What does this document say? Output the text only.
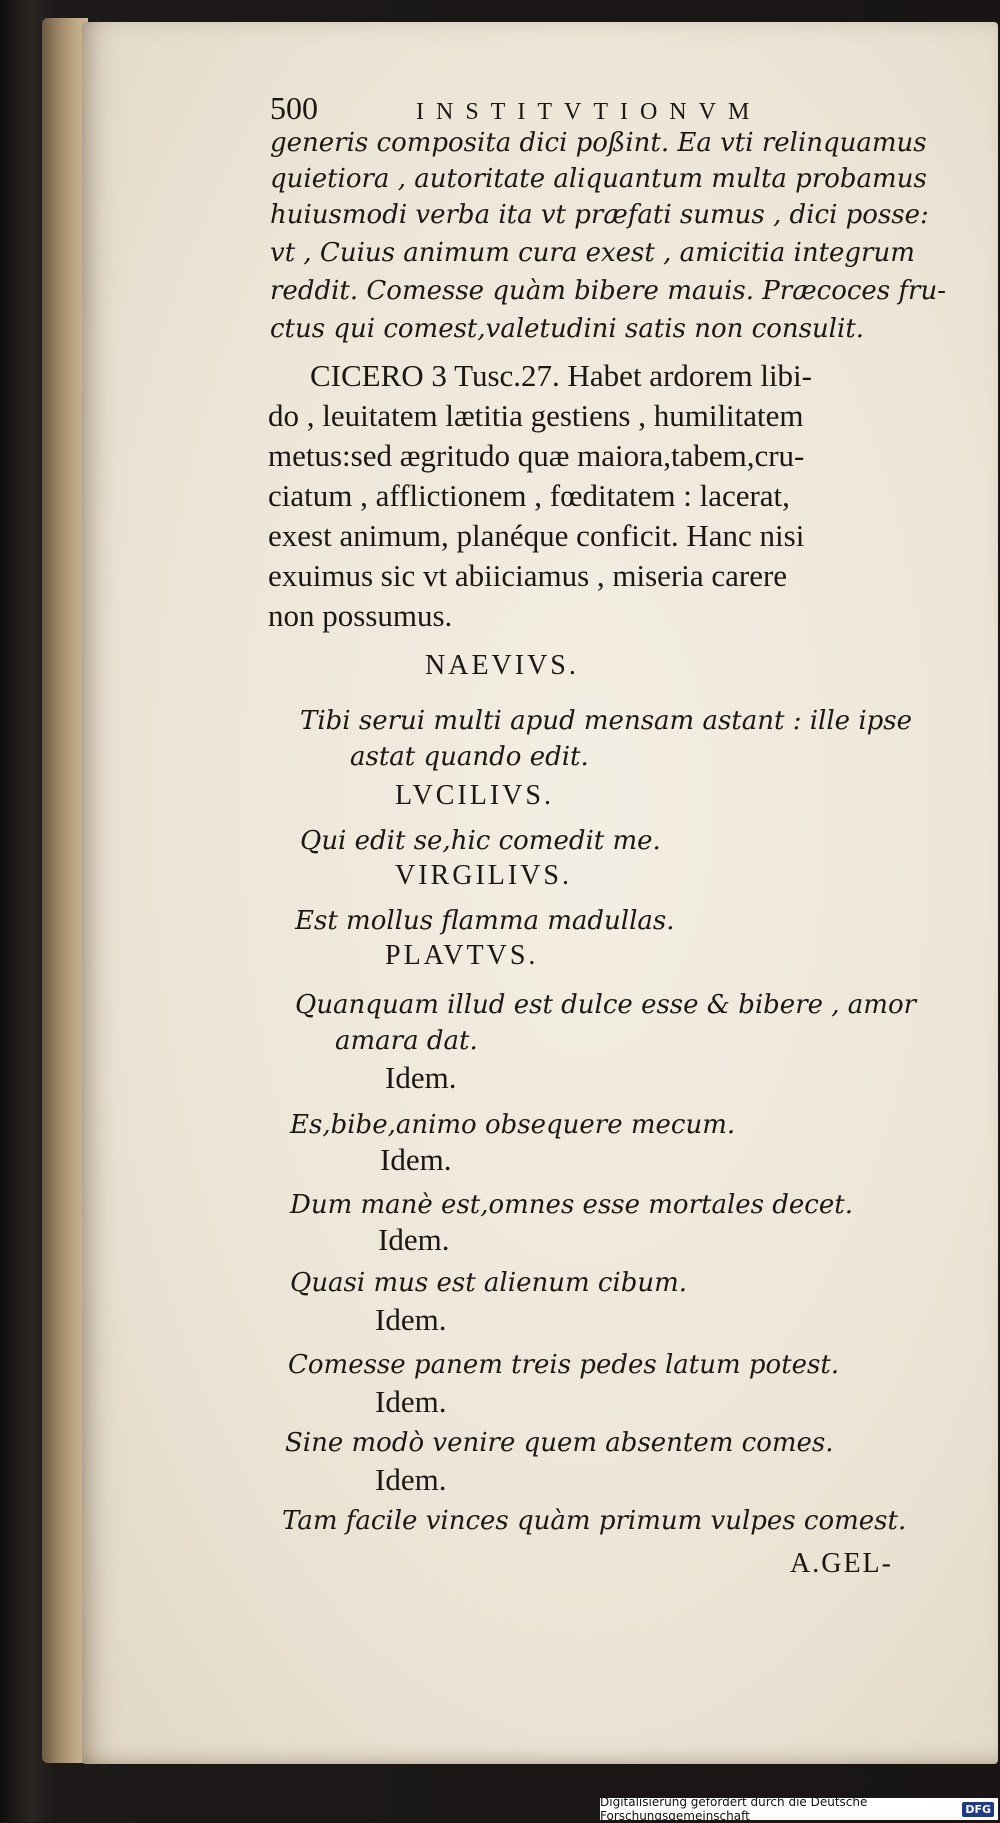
500	INSTITVTIONVM
generis composita dici poßint. Ea vti relinquamus
quietiora , autoritate aliquantum multa probamus
huiusmodi verba ita vt præfati sumus , dici posse:
vt , Cuius animum cura exest , amicitia integrum
reddit. Comesse quàm bibere mauis. Præcoces fru-
ctus qui comest,valetudini satis non consulit.
CICERO 3 Tusc.27. Habet ardorem libi-
do , leuitatem lætitia gestiens , humilitatem
metus:sed ægritudo quæ maiora,tabem,cru-
ciatum , afflictionem , fœditatem : lacerat,
exest animum, planéque conficit. Hanc nisi
exuimus sic vt abiiciamus , miseria carere
non possumus.
NAEVIVS.
Tibi serui multi apud mensam astant : ille ipse
astat quando edit.
LVCILIVS.
Qui edit se,hic comedit me.
VIRGILIVS.
Est mollus flamma madullas.
PLAVTVS.
Quanquam illud est dulce esse & bibere , amor
amara dat.
Idem.
Es,bibe,animo obsequere mecum.
Idem.
Dum manè est,omnes esse mortales decet.
Idem.
Quasi mus est alienum cibum.
Idem.
Comesse panem treis pedes latum potest.
Idem.
Sine modò venire quem absentem comes.
Idem.
Tam facile vinces quàm primum vulpes comest.
A.GEL-
Digitalisierung gefördert durch die Deutsche Forschungsgemeinschaft	DFG
